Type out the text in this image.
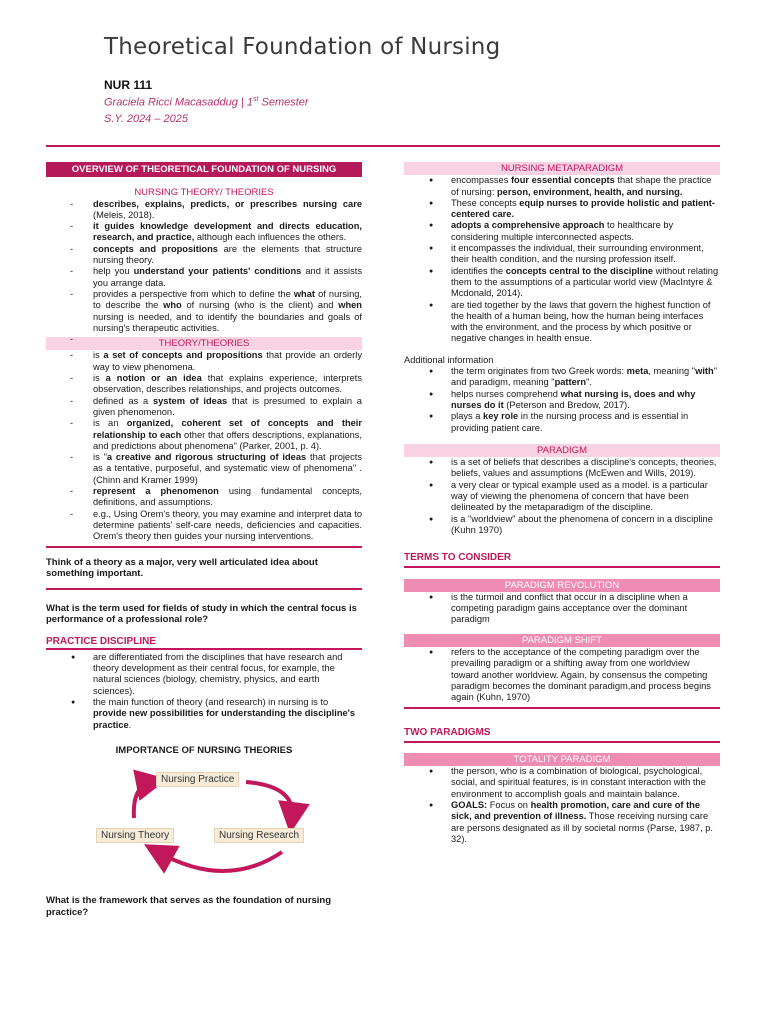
Theoretical Foundation of Nursing
NUR 111
Graciela Ricci Macasaddug | 1st Semester
S.Y. 2024 – 2025
OVERVIEW OF THEORETICAL FOUNDATION OF NURSING
NURSING THEORY/ THEORIES
- describes, explains, predicts, or prescribes nursing care (Meleis, 2018).
- it guides knowledge development and directs education, research, and practice, although each influences the others.
- concepts and propositions are the elements that structure nursing theory.
- help you understand your patients' conditions and it assists you arrange data.
- provides a perspective from which to define the what of nursing, to describe the who of nursing (who is the client) and when nursing is needed, and to identify the boundaries and goals of nursing's therapeutic activities.
THEORY/THEORIES
- is a set of concepts and propositions that provide an orderly way to view phenomena.
- is a notion or an idea that explains experience, interprets observation, describes relationships, and projects outcomes.
- defined as a system of ideas that is presumed to explain a given phenomenon.
- is an organized, coherent set of concepts and their relationship to each other that offers descriptions, explanations, and predictions about phenomena" (Parker, 2001, p. 4).
- is "a creative and rigorous structuring of ideas that projects as a tentative, purposeful, and systematic view of phenomena" . (Chinn and Kramer 1999)
- represent a phenomenon using fundamental concepts, definitions, and assumptions.
- e.g., Using Orem's theory, you may examine and interpret data to determine patients' self-care needs, deficiencies and capacities. Orem's theory then guides your nursing interventions.
Think of a theory as a major, very well articulated idea about something important.
What is the term used for fields of study in which the central focus is performance of a professional role?
PRACTICE DISCIPLINE
● are differentiated from the disciplines that have research and theory development as their central focus, for example, the natural sciences (biology, chemistry, physics, and earth sciences).
● the main function of theory (and research) in nursing is to provide new possibilities for understanding the discipline's practice.
IMPORTANCE OF NURSING THEORIES
Nursing Practice
Nursing Theory	Nursing Research
What is the framework that serves as the foundation of nursing practice?
NURSING METAPARADIGM
● encompasses four essential concepts that shape the practice of nursing: person, environment, health, and nursing.
● These concepts equip nurses to provide holistic and patient-centered care.
● adopts a comprehensive approach to healthcare by considering multiple interconnected aspects.
● it encompasses the individual, their surrounding environment, their health condition, and the nursing profession itself.
● identifies the concepts central to the discipline without relating them to the assumptions of a particular world view (MacIntyre & Mcdonald, 2014).
● are tied together by the laws that govern the highest function of the health of a human being, how the human being interfaces with the environment, and the process by which positive or negative changes in health ensue.
Additional information
● the term originates from two Greek words: meta, meaning "with" and paradigm, meaning "pattern".
● helps nurses comprehend what nursing is, does and why nurses do it (Peterson and Bredow, 2017).
● plays a key role in the nursing process and is essential in providing patient care.
PARADIGM
● is a set of beliefs that describes a discipline's concepts, theories, beliefs, values and assumptions (McEwen and Wills, 2019).
● a very clear or typical example used as a model. is a particular way of viewing the phenomena of concern that have been delineated by the metaparadigm of the discipline.
● is a "worldview" about the phenomena of concern in a discipline (Kuhn 1970)
TERMS TO CONSIDER
PARADIGM REVOLUTION
● is the turmoil and conflict that occur in a discipline when a competing paradigm gains acceptance over the dominant paradigm
PARADIGM SHIFT
● refers to the acceptance of the competing paradigm over the prevailing paradigm or a shifting away from one worldview toward another worldview. Again, by consensus the competing paradigm becomes the dominant paradigm,and process begins again (Kuhn, 1970)
TWO PARADIGMS
TOTALITY PARADIGM
● the person, who is a combination of biological, psychological, social, and spiritual features, is in constant interaction with the environment to accomplish goals and maintain balance.
● GOALS: Focus on health promotion, care and cure of the sick, and prevention of illness. Those receiving nursing care are persons designated as ill by societal norms (Parse, 1987, p. 32).
